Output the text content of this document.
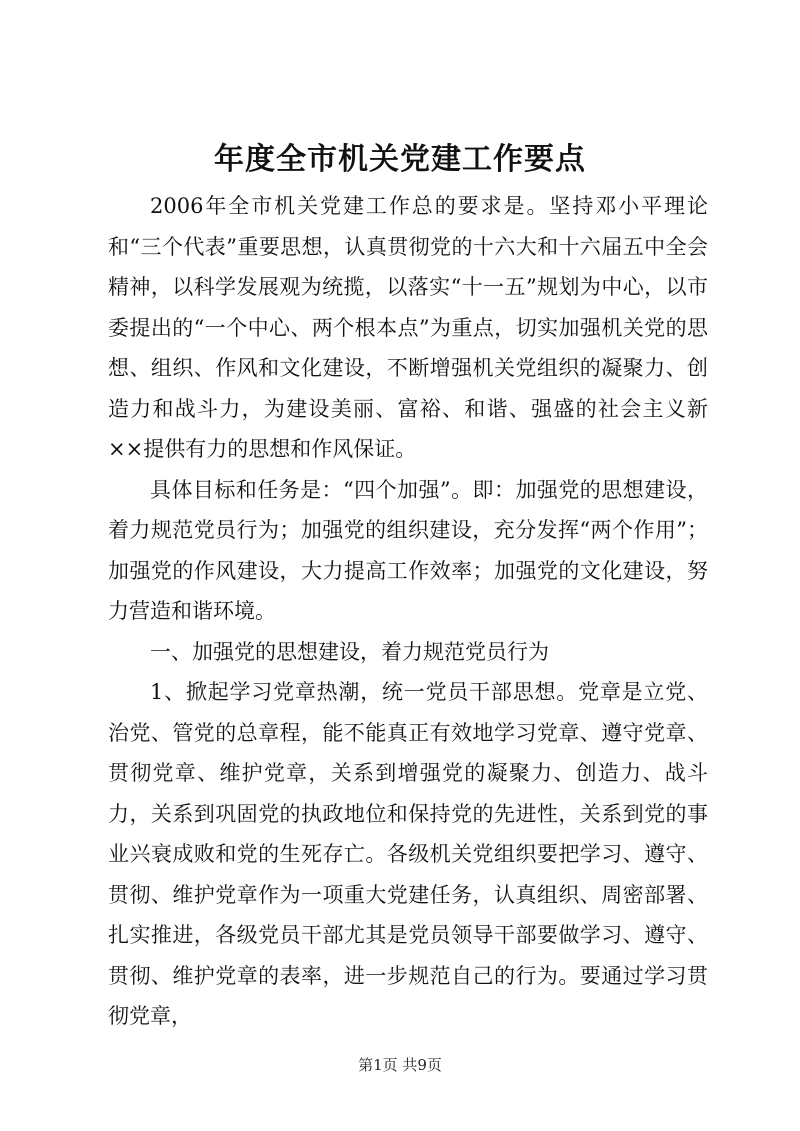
年度全市机关党建工作要点

2006年全市机关党建工作总的要求是。坚持邓小平理论和“三个代表”重要思想，认真贯彻党的十六大和十六届五中全会精神，以科学发展观为统揽，以落实“十一五”规划为中心，以市委提出的“一个中心、两个根本点”为重点，切实加强机关党的思想、组织、作风和文化建设，不断增强机关党组织的凝聚力、创造力和战斗力，为建设美丽、富裕、和谐、强盛的社会主义新××提供有力的思想和作风保证。

具体目标和任务是：“四个加强”。即：加强党的思想建设，着力规范党员行为；加强党的组织建设，充分发挥“两个作用”；加强党的作风建设，大力提高工作效率；加强党的文化建设，努力营造和谐环境。

一、加强党的思想建设，着力规范党员行为

1、掀起学习党章热潮，统一党员干部思想。党章是立党、治党、管党的总章程，能不能真正有效地学习党章、遵守党章、贯彻党章、维护党章，关系到增强党的凝聚力、创造力、战斗力，关系到巩固党的执政地位和保持党的先进性，关系到党的事业兴衰成败和党的生死存亡。各级机关党组织要把学习、遵守、贯彻、维护党章作为一项重大党建任务，认真组织、周密部署、扎实推进，各级党员干部尤其是党员领导干部要做学习、遵守、贯彻、维护党章的表率，进一步规范自己的行为。要通过学习贯彻党章，

第1页 共9页
